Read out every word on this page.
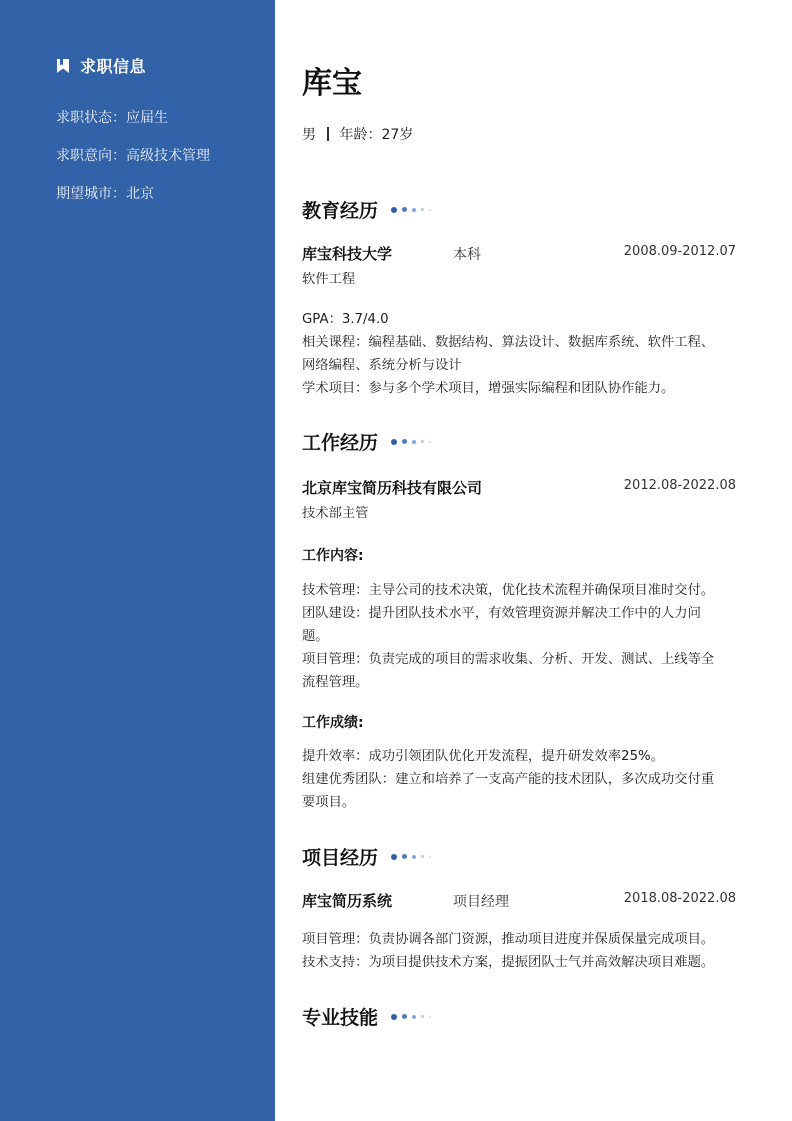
求职信息
求职状态：应届生
求职意向：高级技术管理
期望城市：北京
库宝
男 年龄：27岁
教育经历
库宝科技大学	本科	2008.09-2012.07
软件工程
GPA：3.7/4.0
相关课程：编程基础、数据结构、算法设计、数据库系统、软件工程、
网络编程、系统分析与设计
学术项目：参与多个学术项目，增强实际编程和团队协作能力。
工作经历
北京库宝简历科技有限公司	2012.08-2022.08
技术部主管
工作内容:
技术管理：主导公司的技术决策，优化技术流程并确保项目准时交付。
团队建设：提升团队技术水平，有效管理资源并解决工作中的人力问
题。
项目管理：负责完成的项目的需求收集、分析、开发、测试、上线等全
流程管理。
工作成绩:
提升效率：成功引领团队优化开发流程，提升研发效率25%。
组建优秀团队：建立和培养了一支高产能的技术团队，多次成功交付重
要项目。
项目经历
库宝简历系统	项目经理	2018.08-2022.08
项目管理：负责协调各部门资源，推动项目进度并保质保量完成项目。
技术支持：为项目提供技术方案，提振团队士气并高效解决项目难题。
专业技能
